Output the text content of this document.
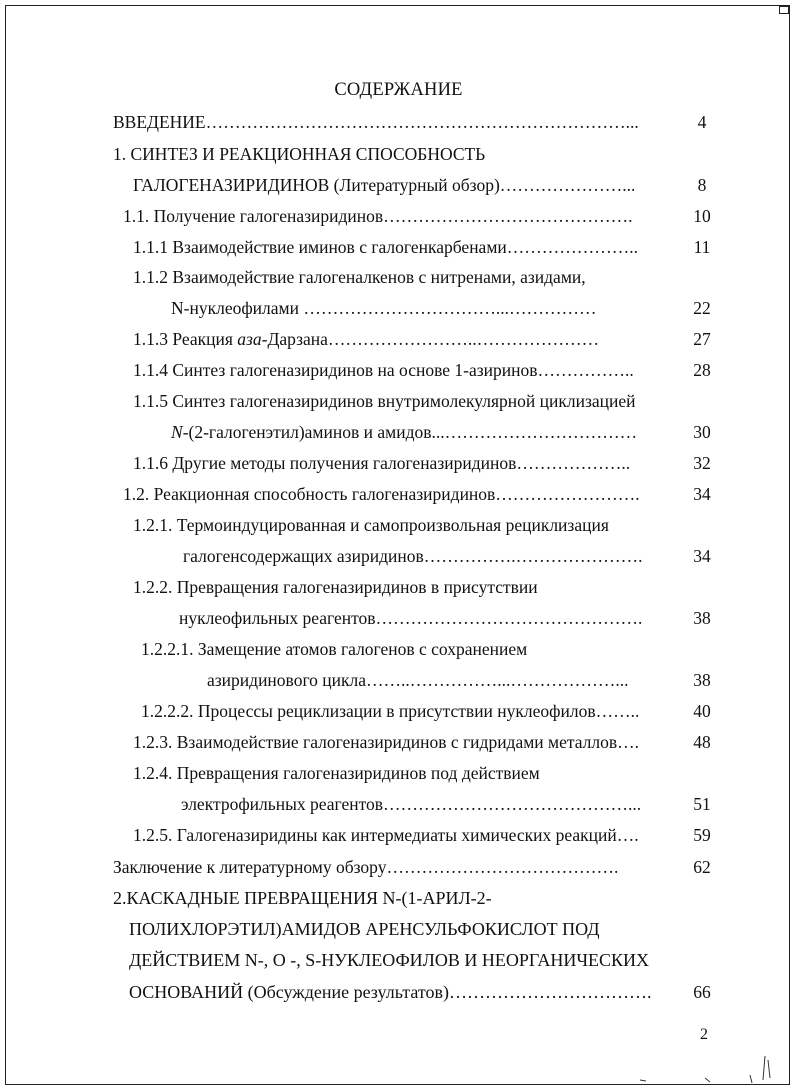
СОДЕРЖАНИЕ
ВВЕДЕНИЕ………………………………………………………………...	4
1. СИНТЕЗ И РЕАКЦИОННАЯ СПОСОБНОСТЬ
ГАЛОГЕНАЗИРИДИНОВ (Литературный обзор)…………………...	8
1.1. Получение галогеназиридинов…………………………………….	10
1.1.1 Взаимодействие иминов с галогенкарбенами…………………..	11
1.1.2 Взаимодействие галогеналкенов с нитренами, азидами,
N-нуклеофилами ……………………………...……………	22
1.1.3 Реакция аза-Дарзана……………………..…………………	27
1.1.4 Синтез галогеназиридинов на основе 1-азиринов……………..	28
1.1.5 Синтез галогеназиридинов внутримолекулярной циклизацией
N-(2-галогенэтил)аминов и амидов...……………………………	30
1.1.6 Другие методы получения галогеназиридинов………………..	32
1.2. Реакционная способность галогеназиридинов…………………….	34
1.2.1. Термоиндуцированная и самопроизвольная рециклизация
галогенсодержащих азиридинов…………….………………….	34
1.2.2. Превращения галогеназиридинов в присутствии
нуклеофильных реагентов……………………………………….	38
1.2.2.1. Замещение атомов галогенов с сохранением
азиридинового цикла……..……………...………………...	38
1.2.2.2. Процессы рециклизации в присутствии нуклеофилов……..	40
1.2.3. Взаимодействие галогеназиридинов с гидридами металлов….	48
1.2.4. Превращения галогеназиридинов под действием
электрофильных реагентов……………………………………...	51
1.2.5. Галогеназиридины как интермедиаты химических реакций….	59
Заключение к литературному обзору………………………………….	62
2.КАСКАДНЫЕ ПРЕВРАЩЕНИЯ N-(1-АРИЛ-2-
ПОЛИХЛОРЭТИЛ)АМИДОВ АРЕНСУЛЬФОКИСЛОТ ПОД
ДЕЙСТВИЕМ N-, О -, S-НУКЛЕОФИЛОВ И НЕОРГАНИЧЕСКИХ
ОСНОВАНИЙ (Обсуждение результатов)…………………………….	66
2
